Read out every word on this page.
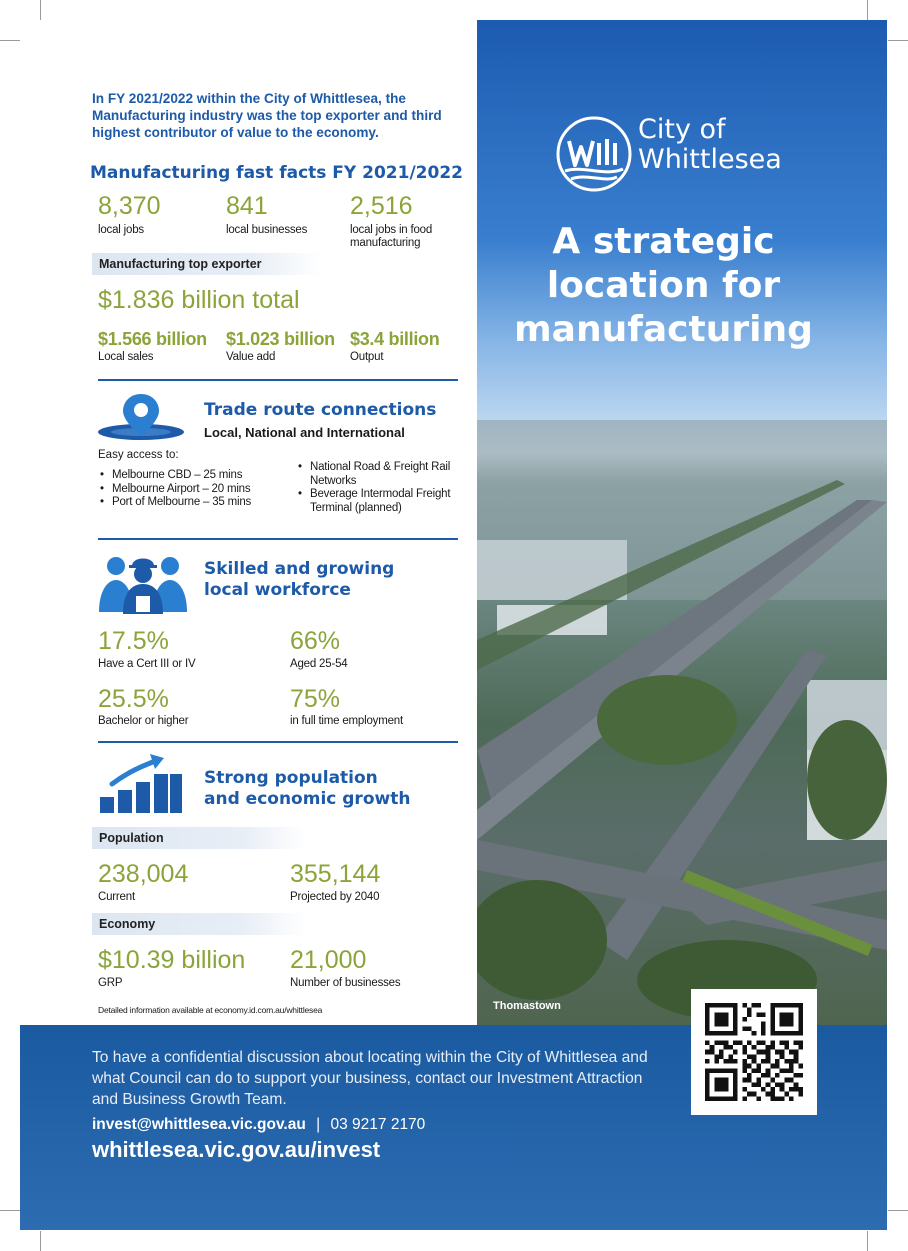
In FY 2021/2022 within the City of Whittlesea, the Manufacturing industry was the top exporter and third highest contributor of value to the economy.

Manufacturing fast facts FY 2021/2022
8,370
local jobs
841
local businesses
2,516
local jobs in food manufacturing
Manufacturing top exporter
$1.836 billion total
$1.566 billion
Local sales
$1.023 billion
Value add
$3.4 billion
Output
Trade route connections
Local, National and International
Easy access to:
• Melbourne CBD – 25 mins
• Melbourne Airport – 20 mins
• Port of Melbourne – 35 mins
• National Road & Freight Rail Networks
• Beverage Intermodal Freight Terminal (planned)
Skilled and growing
local workforce
17.5%
Have a Cert III or IV
66%
Aged 25-54
25.5%
Bachelor or higher
75%
in full time employment
Strong population
and economic growth
Population
238,004
Current
355,144
Projected by 2040
Economy
$10.39 billion
GRP
21,000
Number of businesses
Detailed information available at economy.id.com.au/whittlesea
City of
Whittlesea
A strategic
location for
manufacturing
Thomastown

To have a confidential discussion about locating within the City of Whittlesea and what Council can do to support your business, contact our Investment Attraction and Business Growth Team.

invest@whittlesea.vic.gov.au | 03 9217 2170
whittlesea.vic.gov.au/invest
